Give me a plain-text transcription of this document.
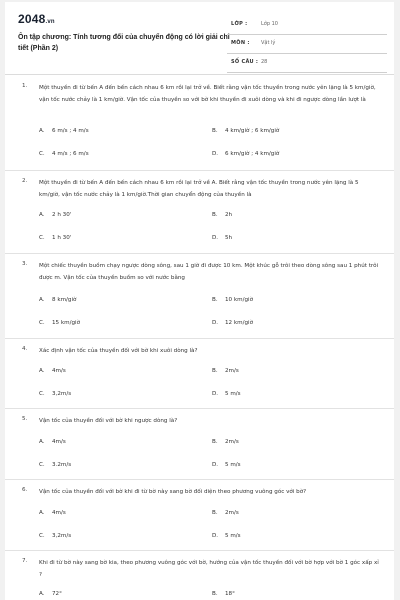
2048.vn
Ôn tập chương: Tính tương đối của chuyển động có lời giải chi tiết (Phần 2)
LỚP :	Lớp 10
MÔN : Vật lý
SỐ CÂU : 28
1. Một thuyền đi từ bến A đến bến cách nhau 6 km rồi lại trở về. Biết rằng vận tốc thuyền trong nước yên lặng là 5 km/giờ, vận tốc nước chảy là 1 km/giờ. Vận tốc của thuyền so với bờ khi thuyền đi xuôi dòng và khi đi ngược dòng lần lượt là
A. 6 m/s ; 4 m/s	B. 4 km/giờ ; 6 km/giờ
C. 4 m/s ; 6 m/s	D. 6 km/giờ ; 4 km/giờ
2. Một thuyền đi từ bến A đến bến cách nhau 6 km rồi lại trở về A. Biết rằng vận tốc thuyền trong nước yên lặng là 5 km/giờ, vận tốc nước chảy là 1 km/giờ.Thời gian chuyển động của thuyền là
A. 2 h 30'	B. 2h
C. 1 h 30'	D. 5h
3. Một chiếc thuyền buồm chạy ngược dòng sông, sau 1 giờ đi được 10 km. Một khúc gỗ trôi theo dòng sông sau 1 phút trôi được m. Vận tốc của thuyền buồm so với nước bằng
A. 8 km/giờ	B. 10 km/giờ
C. 15 km/giờ	D. 12 km/giờ
4. Xác định vận tốc của thuyền đối với bờ khi xuôi dòng là?
A. 4m/s	B. 2m/s
C. 3,2m/s	D. 5 m/s
5. Vận tốc của thuyền đối với bờ khi ngược dòng là?
A. 4m/s	B. 2m/s
C. 3.2m/s	D. 5 m/s
6. Vận tốc của thuyền đối với bờ khi đi từ bờ này sang bờ đối diện theo phương vuông góc với bờ?
A. 4m/s	B. 2m/s
C. 3,2m/s	D. 5 m/s
7. Khi đi từ bờ này sang bờ kia, theo phương vuông góc với bờ, hướng của vận tốc thuyền đối với bờ hợp với bờ 1 góc xấp xỉ ?
A. 72°	B. 18°
